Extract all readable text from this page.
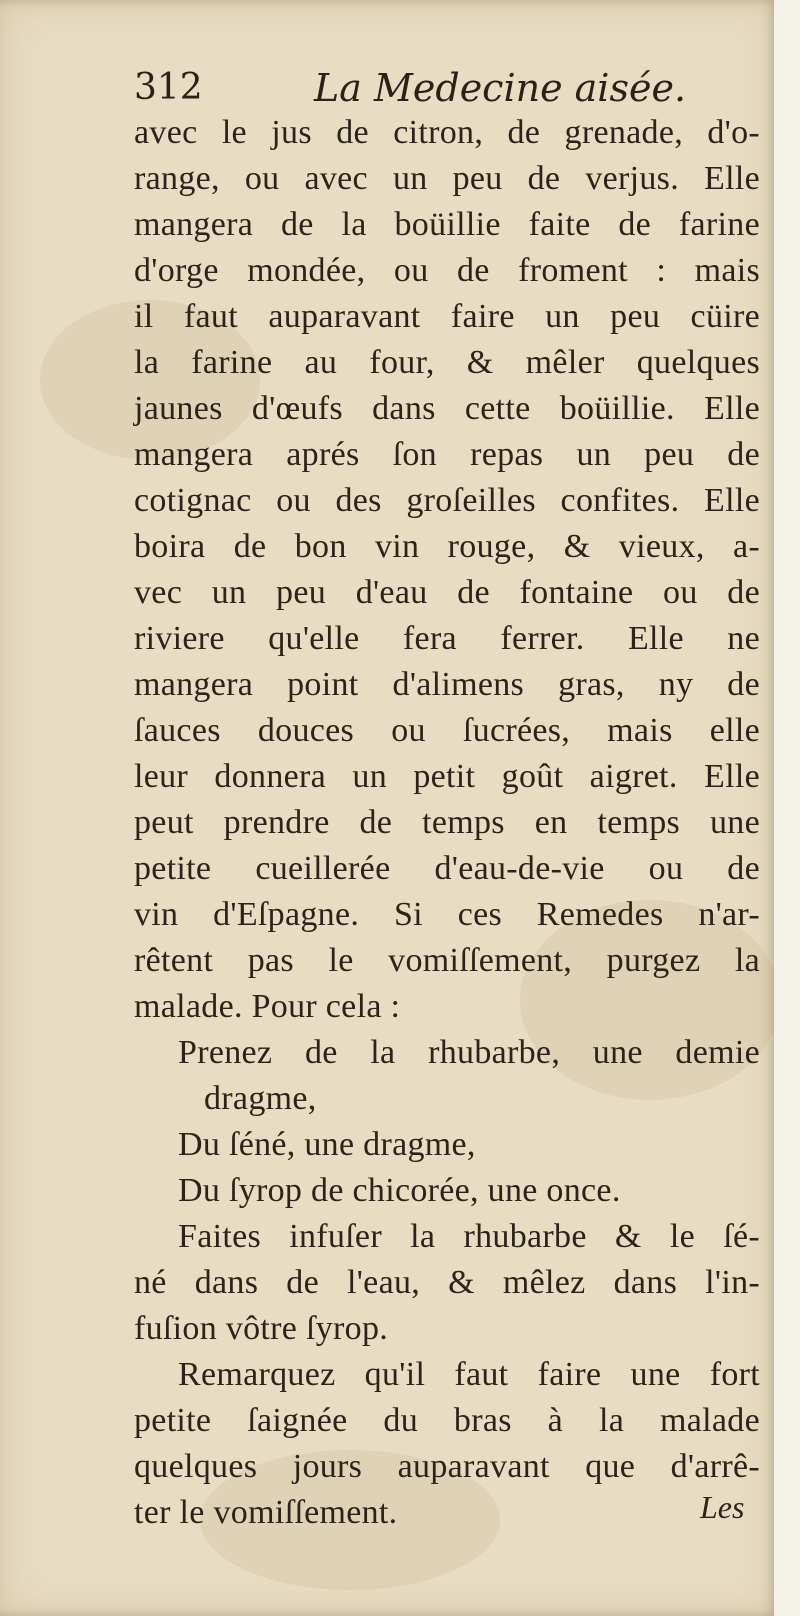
312	La Medecine aisée.

avec le jus de citron, de grenade, d'o-

range, ou avec un peu de verjus. Elle

mangera de la boüillie faite de farine

d'orge mondée, ou de froment : mais

il faut auparavant faire un peu cüire

la farine au four, & mêler quelques

jaunes d'œufs dans cette boüillie. Elle

mangera aprés ſon repas un peu de

cotignac ou des groſeilles confites. Elle

boira de bon vin rouge, & vieux, a-

vec un peu d'eau de fontaine ou de

riviere qu'elle fera ferrer. Elle ne

mangera point d'alimens gras, ny de

ſauces douces ou ſucrées, mais elle

leur donnera un petit goût aigret. Elle

peut prendre de temps en temps une

petite cueillerée d'eau-de-vie ou de

vin d'Eſpagne. Si ces Remedes n'ar-

rêtent pas le vomiſſement, purgez la

malade. Pour cela :

Prenez de la rhubarbe, une demie

dragme,

Du ſéné, une dragme,

Du ſyrop de chicorée, une once.

Faites infuſer la rhubarbe & le ſé-

né dans de l'eau, & mêlez dans l'in-

fuſion vôtre ſyrop.

Remarquez qu'il faut faire une fort

petite ſaignée du bras à la malade

quelques jours auparavant que d'arrê-

ter le vomiſſement.	Les
